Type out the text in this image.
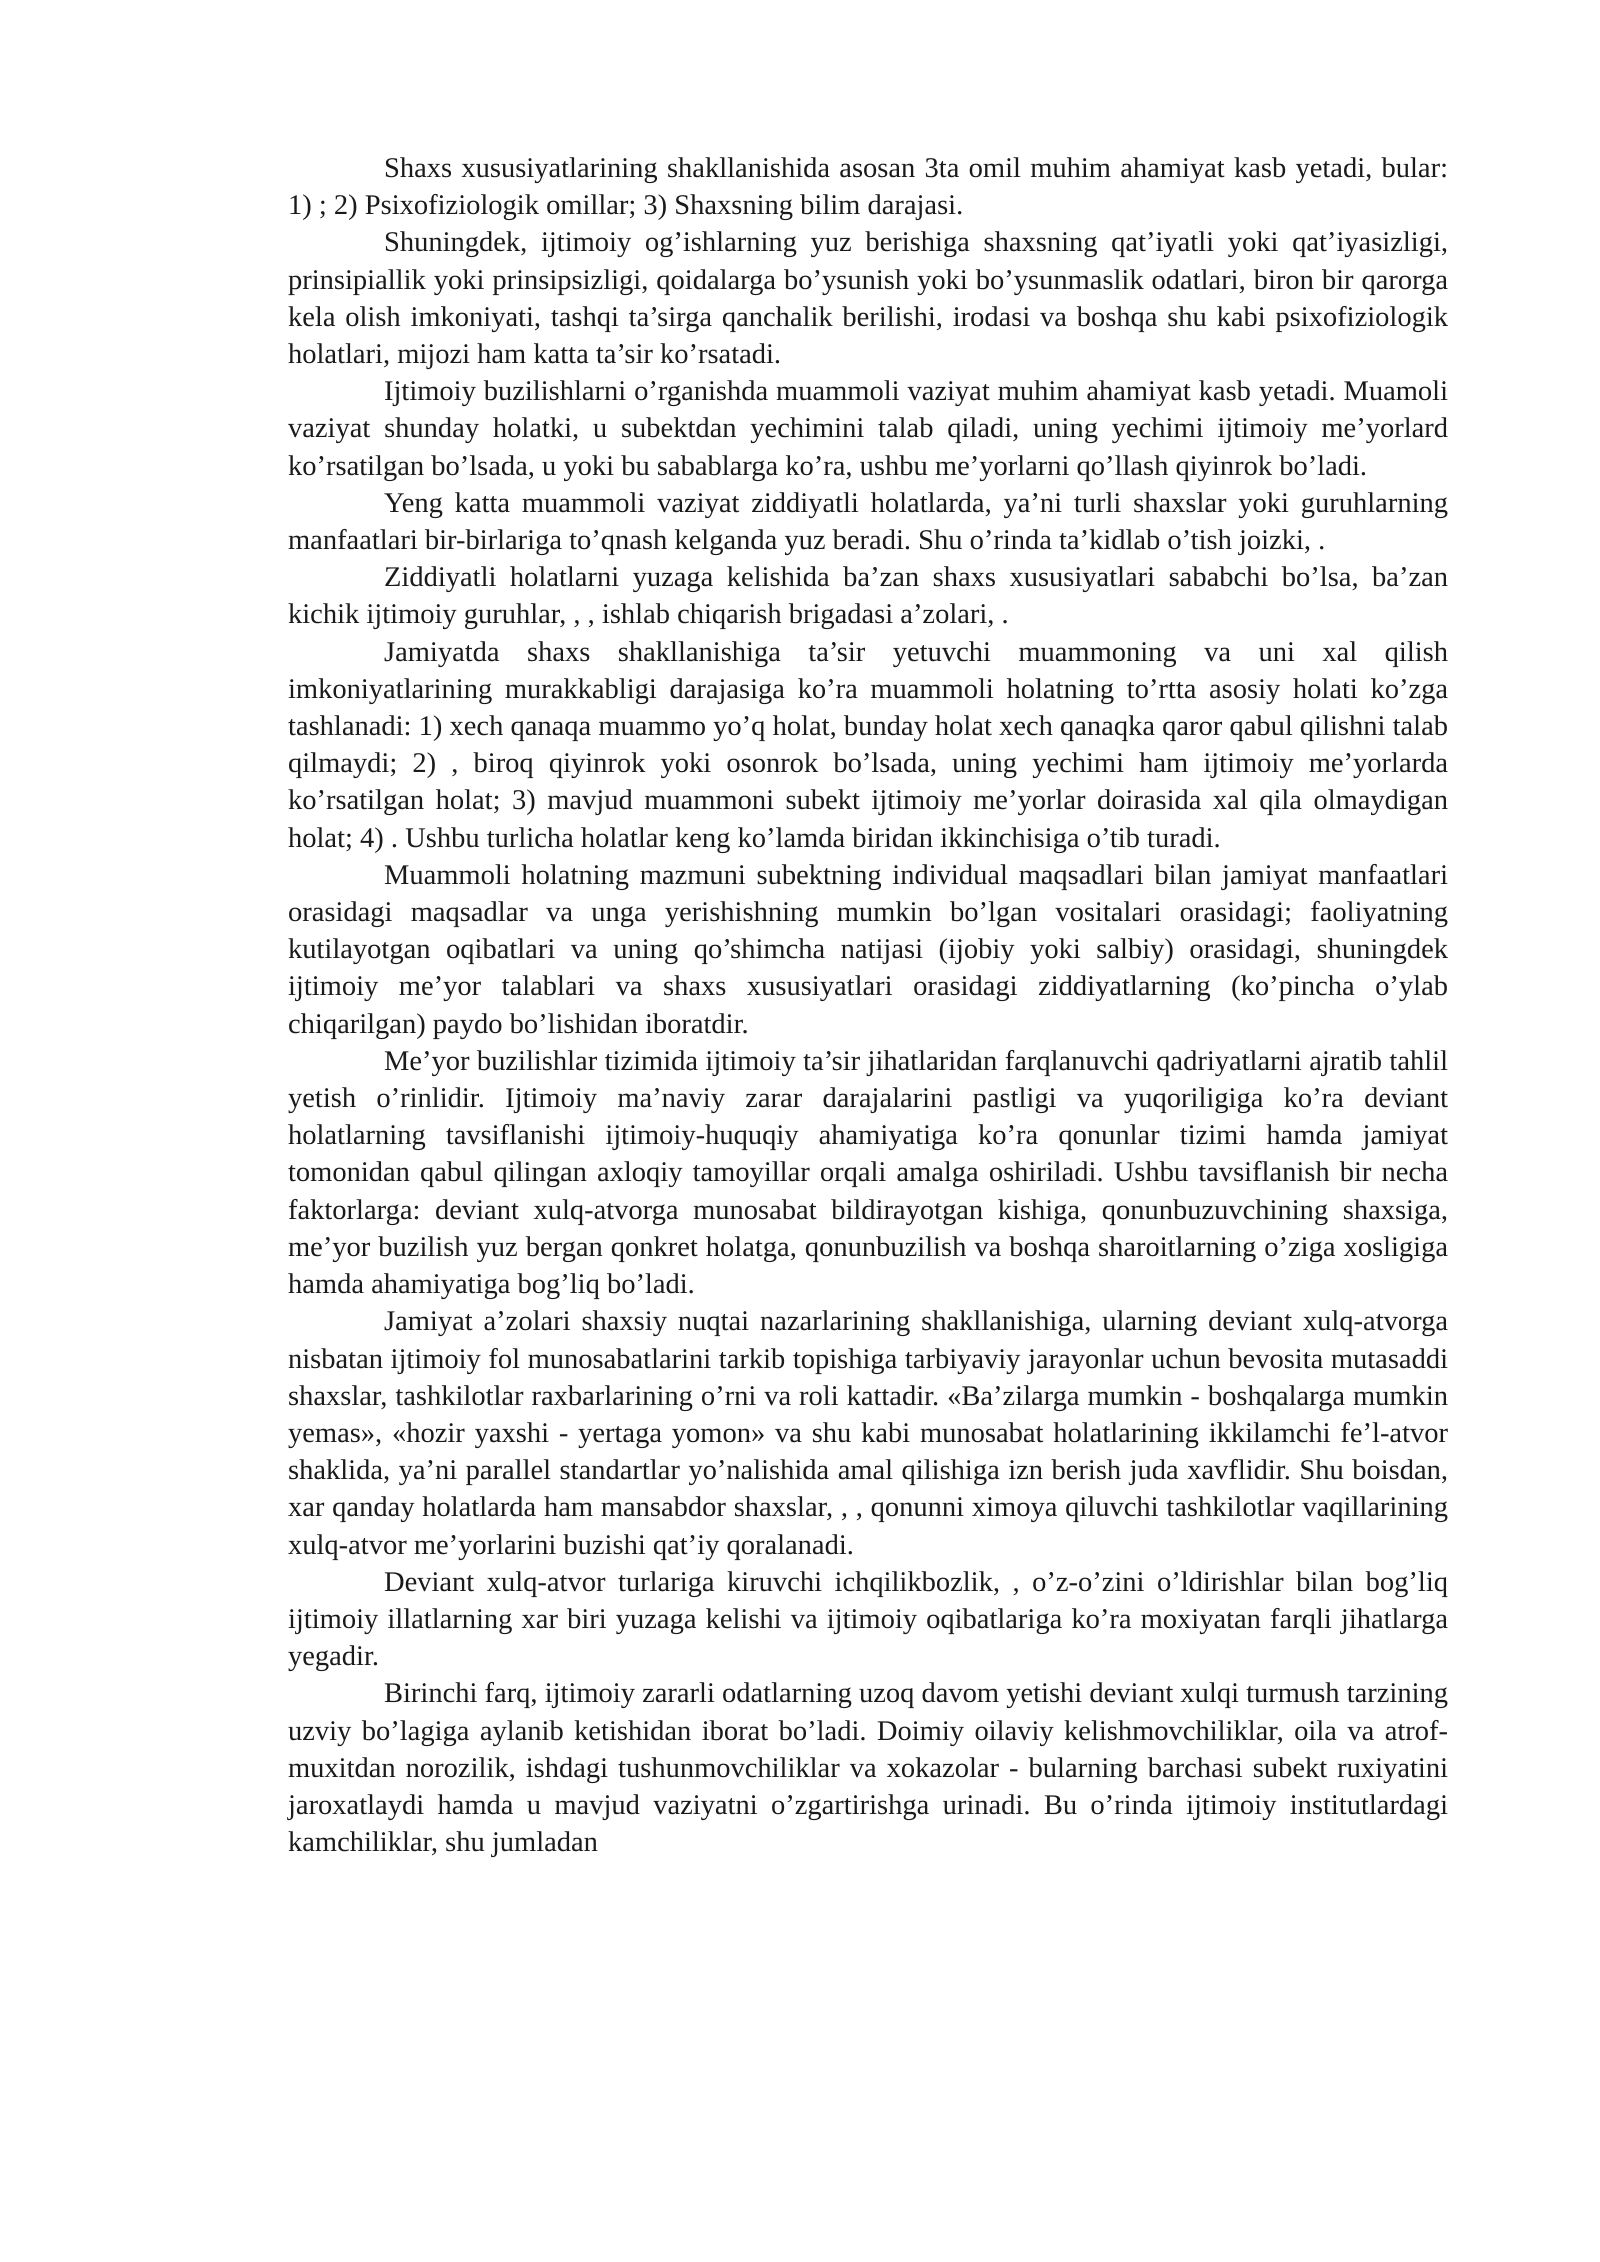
Shaxs xususiyatlarining shakllanishida asosan 3ta omil muhim ahamiyat kasb yetadi, bular: 1) ; 2) Psixofiziologik omillar; 3) Shaxsning bilim darajasi.

Shuningdek, ijtimoiy og’ishlarning yuz berishiga shaxsning qat’iyatli yoki qat’iyasizligi, prinsipiallik yoki prinsipsizligi, qoidalarga bo’ysunish yoki bo’ysunmaslik odatlari, biron bir qarorga kela olish imkoniyati, tashqi ta’sirga qanchalik berilishi, irodasi va boshqa shu kabi psixofiziologik holatlari, mijozi ham katta ta’sir ko’rsatadi.

Ijtimoiy buzilishlarni o’rganishda muammoli vaziyat muhim ahamiyat kasb yetadi. Muamoli vaziyat shunday holatki, u subektdan yechimini talab qiladi, uning yechimi ijtimoiy me’yorlard ko’rsatilgan bo’lsada, u yoki bu sabablarga ko’ra, ushbu me’yorlarni qo’llash qiyinrok bo’ladi.

Yeng katta muammoli vaziyat ziddiyatli holatlarda, ya’ni turli shaxslar yoki guruhlarning manfaatlari bir-birlariga to’qnash kelganda yuz beradi. Shu o’rinda ta’kidlab o’tish joizki, .

Ziddiyatli holatlarni yuzaga kelishida ba’zan shaxs xususiyatlari sababchi bo’lsa, ba’zan kichik ijtimoiy guruhlar, , , ishlab chiqarish brigadasi a’zolari, .

Jamiyatda shaxs shakllanishiga ta’sir yetuvchi muammoning va uni xal qilish imkoniyatlarining murakkabligi darajasiga ko’ra muammoli holatning to’rtta asosiy holati ko’zga tashlanadi: 1) xech qanaqa muammo yo’q holat, bunday holat xech qanaqka qaror qabul qilishni talab qilmaydi; 2) , biroq qiyinrok yoki osonrok bo’lsada, uning yechimi ham ijtimoiy me’yorlarda ko’rsatilgan holat; 3) mavjud muammoni subekt ijtimoiy me’yorlar doirasida xal qila olmaydigan holat; 4) . Ushbu turlicha holatlar keng ko’lamda biridan ikkinchisiga o’tib turadi.

Muammoli holatning mazmuni subektning individual maqsadlari bilan jamiyat manfaatlari orasidagi maqsadlar va unga yerishishning mumkin bo’lgan vositalari orasidagi; faoliyatning kutilayotgan oqibatlari va uning qo’shimcha natijasi (ijobiy yoki salbiy) orasidagi, shuningdek ijtimoiy me’yor talablari va shaxs xususiyatlari orasidagi ziddiyatlarning (ko’pincha o’ylab chiqarilgan) paydo bo’lishidan iboratdir.

Me’yor buzilishlar tizimida ijtimoiy ta’sir jihatlaridan farqlanuvchi qadriyatlarni ajratib tahlil yetish o’rinlidir. Ijtimoiy ma’naviy zarar darajalarini pastligi va yuqoriligiga ko’ra deviant holatlarning tavsiflanishi ijtimoiy-huquqiy ahamiyatiga ko’ra qonunlar tizimi hamda jamiyat tomonidan qabul qilingan axloqiy tamoyillar orqali amalga oshiriladi. Ushbu tavsiflanish bir necha faktorlarga: deviant xulq-atvorga munosabat bildirayotgan kishiga, qonunbuzuvchining shaxsiga, me’yor buzilish yuz bergan qonkret holatga, qonunbuzilish va boshqa sharoitlarning o’ziga xosligiga hamda ahamiyatiga bog’liq bo’ladi.

Jamiyat a’zolari shaxsiy nuqtai nazarlarining shakllanishiga, ularning deviant xulq-atvorga nisbatan ijtimoiy fol munosabatlarini tarkib topishiga tarbiyaviy jarayonlar uchun bevosita mutasaddi shaxslar, tashkilotlar raxbarlarining o’rni va roli kattadir. «Ba’zilarga mumkin - boshqalarga mumkin yemas», «hozir yaxshi - yertaga yomon» va shu kabi munosabat holatlarining ikkilamchi fe’l-atvor shaklida, ya’ni parallel standartlar yo’nalishida amal qilishiga izn berish juda xavflidir. Shu boisdan, xar qanday holatlarda ham mansabdor shaxslar, , , qonunni ximoya qiluvchi tashkilotlar vaqillarining xulq-atvor me’yorlarini buzishi qat’iy qoralanadi.

Deviant xulq-atvor turlariga kiruvchi ichqilikbozlik, , o’z-o’zini o’ldirishlar bilan bog’liq ijtimoiy illatlarning xar biri yuzaga kelishi va ijtimoiy oqibatlariga ko’ra moxiyatan farqli jihatlarga yegadir.

Birinchi farq, ijtimoiy zararli odatlarning uzoq davom yetishi deviant xulqi turmush tarzining uzviy bo’lagiga aylanib ketishidan iborat bo’ladi. Doimiy oilaviy kelishmovchiliklar, oila va atrof-muxitdan norozilik, ishdagi tushunmovchiliklar va xokazolar - bularning barchasi subekt ruxiyatini jaroxatlaydi hamda u mavjud vaziyatni o’zgartirishga urinadi. Bu o’rinda ijtimoiy institutlardagi kamchiliklar, shu jumladan
